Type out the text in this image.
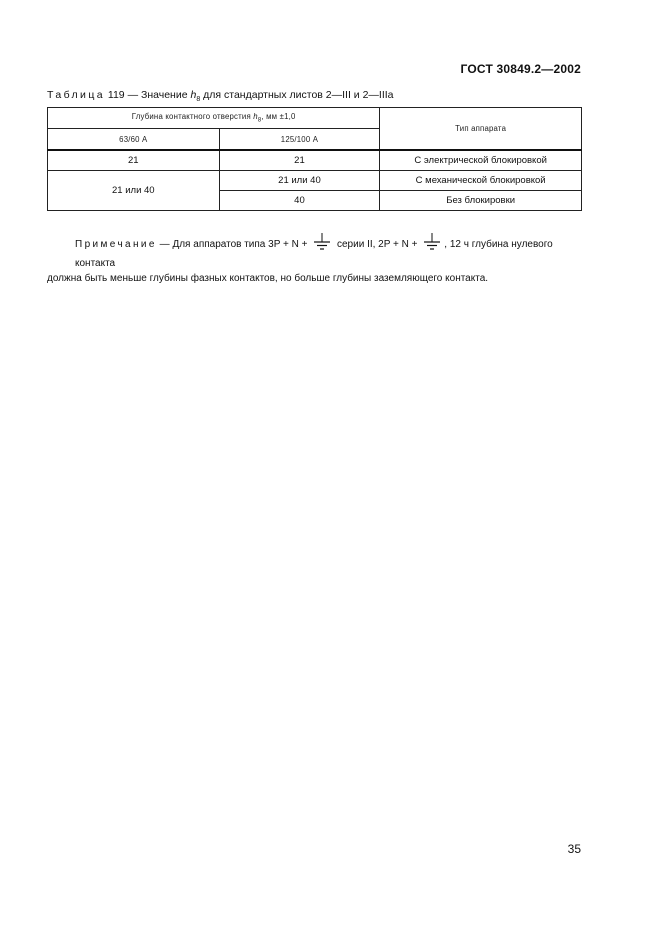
ГОСТ 30849.2—2002
Таблица 119 — Значение $h_8$ для стандартных листов 2—III и 2—IIIa
Глубина контактного отверстия $h_8$, мм ±1,0		Тип аппарата
63/60 А	125/100 А	
21	21	С электрической блокировкой
21 или 40	21 или 40	С механической блокировкой
	40	Без блокировки
Примечание — Для аппаратов типа 3P + N +	серии II, 2P + N +	, 12 ч глубина нулевого контакта
должна быть меньше глубины фазных контактов, но больше глубины заземляющего контакта.
35
